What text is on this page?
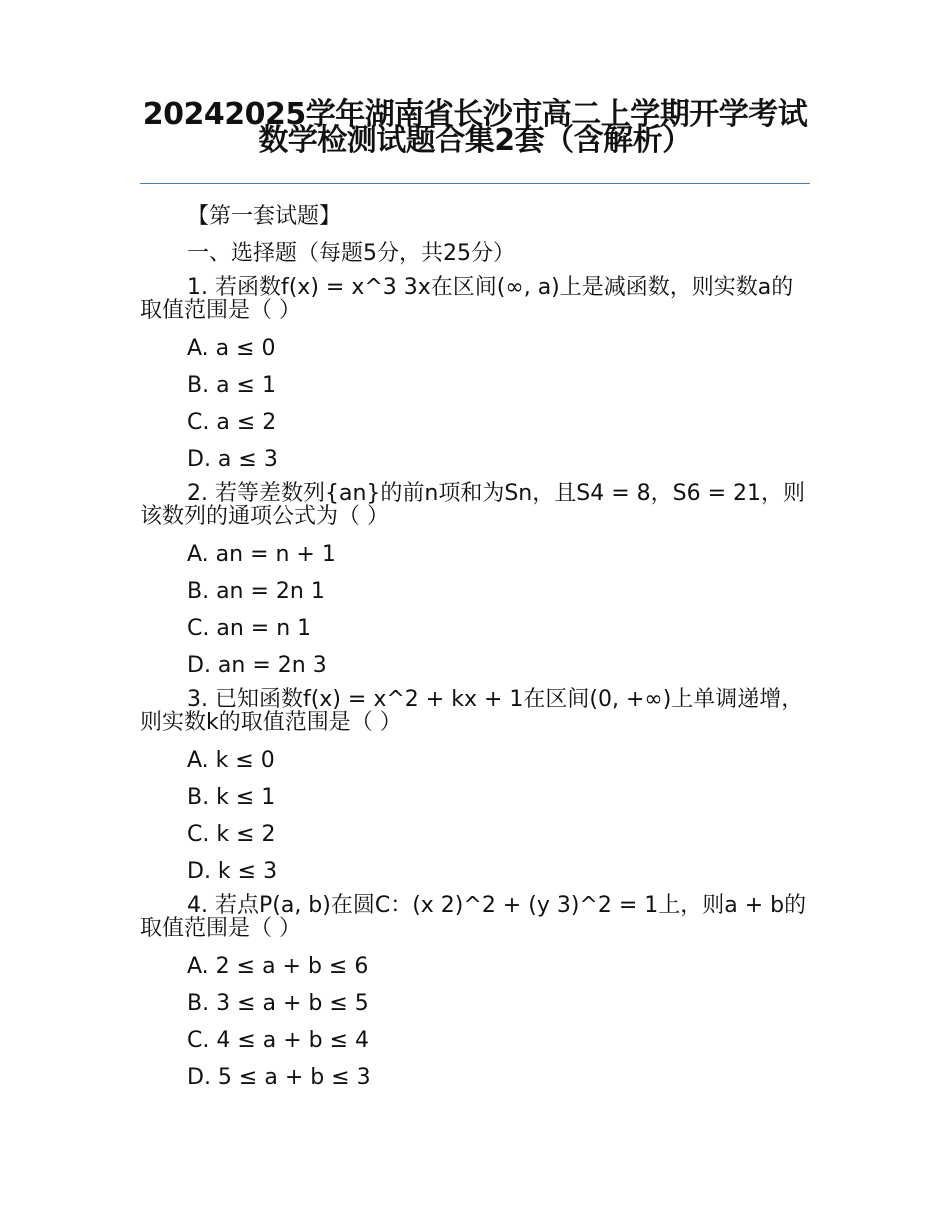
20242025学年湖南省长沙市高二上学期开学考试数学检测试题合集2套（含解析）
【第一套试题】
一、选择题（每题5分，共25分）

1. 若函数f(x) = x^3 3x在区间(∞, a)上是减函数，则实数a的取值范围是（ ）

A. a ≤ 0
B. a ≤ 1
C. a ≤ 2
D. a ≤ 3

2. 若等差数列{an}的前n项和为Sn，且S4 = 8，S6 = 21，则该数列的通项公式为（ ）

A. an = n + 1
B. an = 2n 1
C. an = n 1
D. an = 2n 3

3. 已知函数f(x) = x^2 + kx + 1在区间(0, +∞)上单调递增，则实数k的取值范围是（ ）

A. k ≤ 0
B. k ≤ 1
C. k ≤ 2
D. k ≤ 3

4. 若点P(a, b)在圆C：(x 2)^2 + (y 3)^2 = 1上，则a + b的取值范围是（ ）

A. 2 ≤ a + b ≤ 6
B. 3 ≤ a + b ≤ 5
C. 4 ≤ a + b ≤ 4
D. 5 ≤ a + b ≤ 3
